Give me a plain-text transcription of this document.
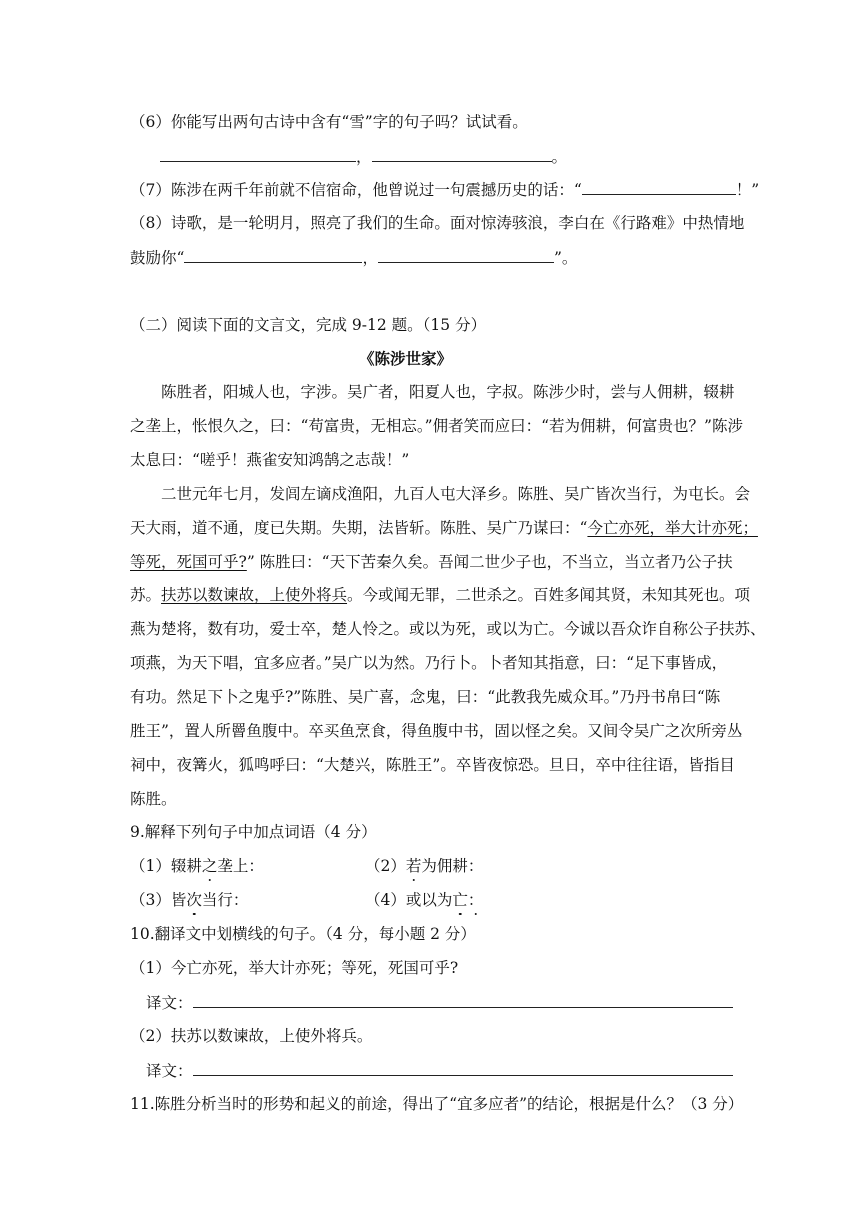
（6）你能写出两句古诗中含有“雪”字的句子吗？试试看。
，	。
（7）陈涉在两千年前就不信宿命，他曾说过一句震撼历史的话：“	！”
（8）诗歌，是一轮明月，照亮了我们的生命。面对惊涛骇浪，李白在《行路难》中热情地
鼓励你“	，	”。
（二）阅读下面的文言文，完成 9-12 题。（15 分）
《陈涉世家》
陈胜者，阳城人也，字涉。吴广者，阳夏人也，字叔。陈涉少时，尝与人佣耕，辍耕
之垄上，怅恨久之，曰：“苟富贵，无相忘。”佣者笑而应曰：“若为佣耕，何富贵也？”陈涉
太息曰：“嗟乎！燕雀安知鸿鹄之志哉！”
二世元年七月，发闾左谪戍渔阳，九百人屯大泽乡。陈胜、吴广皆次当行，为屯长。会
天大雨，道不通，度已失期。失期，法皆斩。陈胜、吴广乃谋曰：“今亡亦死，举大计亦死；
等死，死国可乎?” 陈胜曰：“天下苦秦久矣。吾闻二世少子也，不当立，当立者乃公子扶
苏。扶苏以数谏故，上使外将兵。今或闻无罪，二世杀之。百姓多闻其贤，未知其死也。项
燕为楚将，数有功，爱士卒，楚人怜之。或以为死，或以为亡。今诚以吾众诈自称公子扶苏、
项燕，为天下唱，宜多应者。”吴广以为然。乃行卜。卜者知其指意，曰：“足下事皆成，
有功。然足下卜之鬼乎?”陈胜、吴广喜，念鬼，曰：“此教我先威众耳。”乃丹书帛曰“陈
胜王”，置人所罾鱼腹中。卒买鱼烹食，得鱼腹中书，固以怪之矣。又间令吴广之次所旁丛
祠中，夜篝火，狐鸣呼曰：“大楚兴，陈胜王”。卒皆夜惊恐。旦日，卒中往往语，皆指目
陈胜。
9.解释下列句子中加点词语（4 分）
（1）辍耕之垄上：	（2）若为佣耕：
（3）皆次当行：	（4）或以为亡：
10.翻译文中划横线的句子。（4 分，每小题 2 分）
（1）今亡亦死，举大计亦死；等死，死国可乎?
译文：
（2）扶苏以数谏故，上使外将兵。
译文：
11.陈胜分析当时的形势和起义的前途，得出了“宜多应者”的结论，根据是什么？（3 分）
